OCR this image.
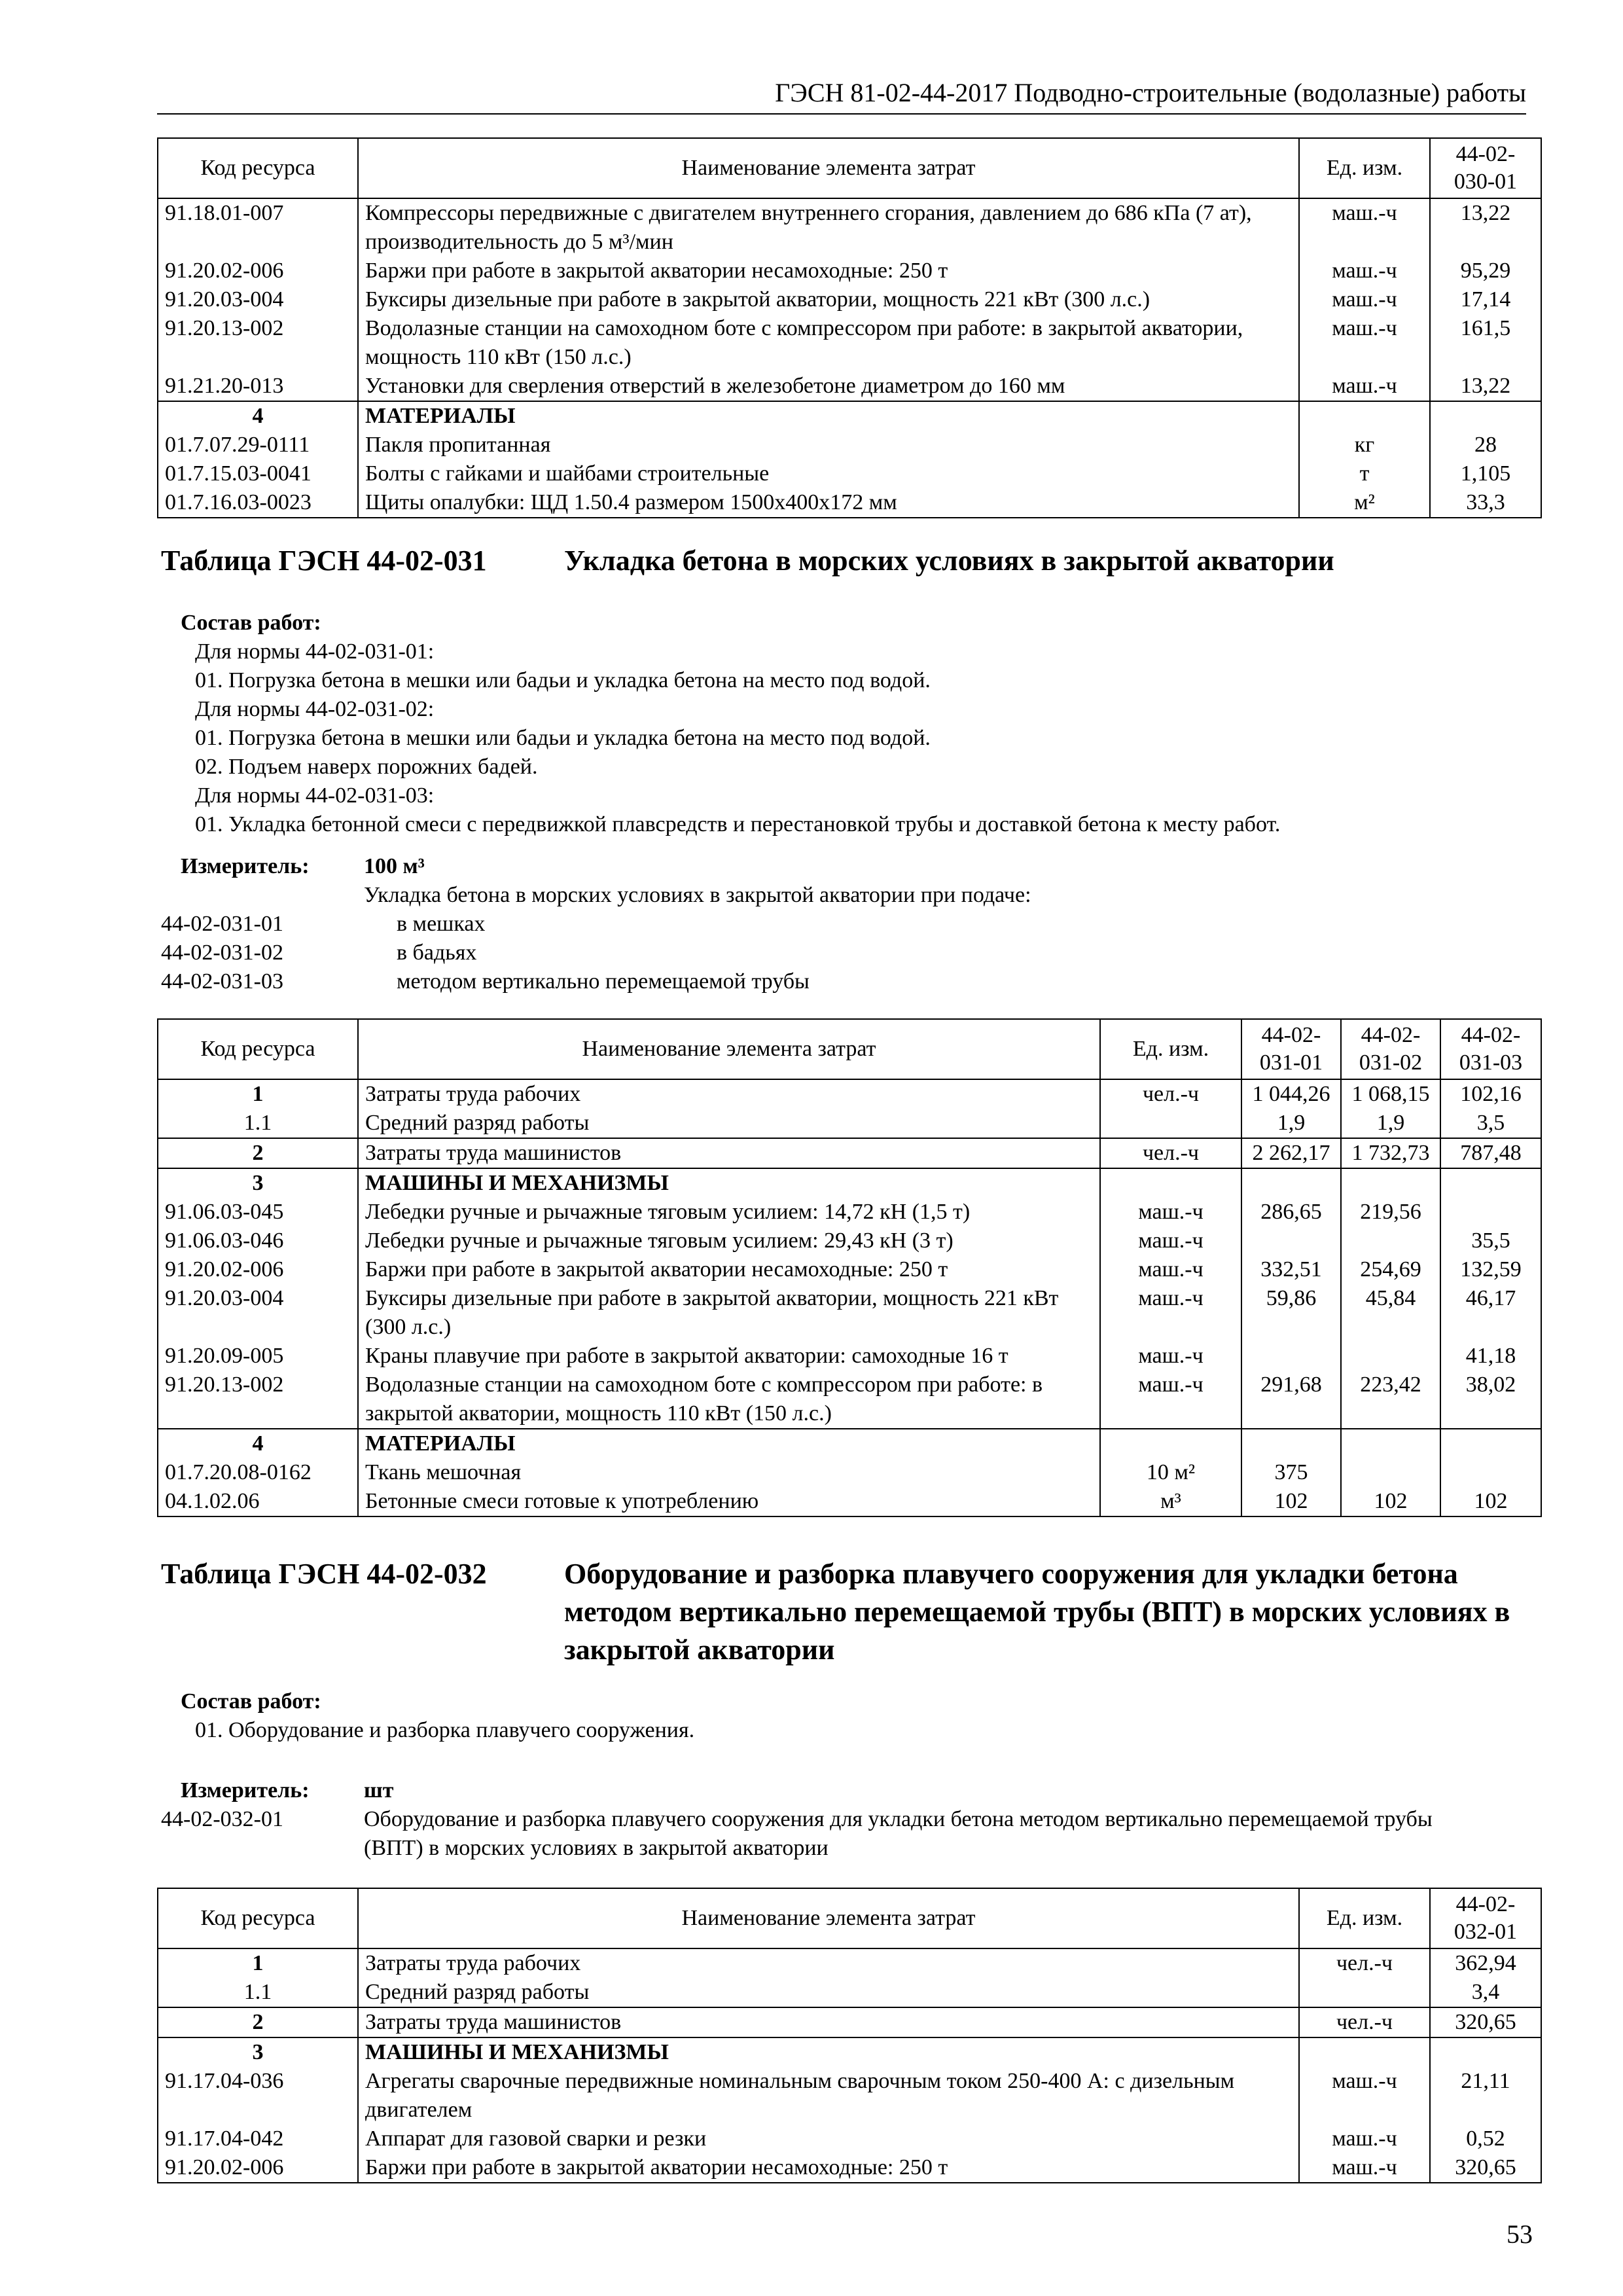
ГЭСН 81-02-44-2017 Подводно-строительные (водолазные) работы
Код ресурса	Наименование элемента затрат	Ед. изм.	44-02-030-01
91.18.01-007	Компрессоры передвижные с двигателем внутреннего сгорания, давлением до 686 кПа (7 ат), производительность до 5 м³/мин	маш.-ч	13,22
91.20.02-006	Баржи при работе в закрытой акватории несамоходные: 250 т	маш.-ч	95,29
91.20.03-004	Буксиры дизельные при работе в закрытой акватории, мощность 221 кВт (300 л.с.)	маш.-ч	17,14
91.20.13-002	Водолазные станции на самоходном боте с компрессором при работе: в закрытой акватории, мощность 110 кВт (150 л.с.)	маш.-ч	161,5
91.21.20-013	Установки для сверления отверстий в железобетоне диаметром до 160 мм	маш.-ч	13,22
4	МАТЕРИАЛЫ		
01.7.07.29-0111	Пакля пропитанная	кг	28
01.7.15.03-0041	Болты с гайками и шайбами строительные	т	1,105
01.7.16.03-0023	Щиты опалубки: ЩД 1.50.4 размером 1500х400х172 мм	м²	33,3
Таблица ГЭСН 44-02-031	Укладка бетона в морских условиях в закрытой акватории
Состав работ:
Для нормы 44-02-031-01:
01. Погрузка бетона в мешки или бадьи и укладка бетона на место под водой.
Для нормы 44-02-031-02:
01. Погрузка бетона в мешки или бадьи и укладка бетона на место под водой.
02. Подъем наверх порожних бадей.
Для нормы 44-02-031-03:
01. Укладка бетонной смеси с передвижкой плавсредств и перестановкой трубы и доставкой бетона к месту работ.
Измеритель: 100 м³
Укладка бетона в морских условиях в закрытой акватории при подаче:
44-02-031-01	в мешках
44-02-031-02	в бадьях
44-02-031-03	методом вертикально перемещаемой трубы
Код ресурса	Наименование элемента затрат	Ед. изм.	44-02-031-01	44-02-031-02	44-02-031-03
1	Затраты труда рабочих	чел.-ч	1 044,26	1 068,15	102,16
1.1	Средний разряд работы		1,9	1,9	3,5
2	Затраты труда машинистов	чел.-ч	2 262,17	1 732,73	787,48
3	МАШИНЫ И МЕХАНИЗМЫ				
91.06.03-045	Лебедки ручные и рычажные тяговым усилием: 14,72 кН (1,5 т)	маш.-ч	286,65	219,56	
91.06.03-046	Лебедки ручные и рычажные тяговым усилием: 29,43 кН (3 т)	маш.-ч			35,5
91.20.02-006	Баржи при работе в закрытой акватории несамоходные: 250 т	маш.-ч	332,51	254,69	132,59
91.20.03-004	Буксиры дизельные при работе в закрытой акватории, мощность 221 кВт (300 л.с.)	маш.-ч	59,86	45,84	46,17
91.20.09-005	Краны плавучие при работе в закрытой акватории: самоходные 16 т	маш.-ч			41,18
91.20.13-002	Водолазные станции на самоходном боте с компрессором при работе: в закрытой акватории, мощность 110 кВт (150 л.с.)	маш.-ч	291,68	223,42	38,02
4	МАТЕРИАЛЫ				
01.7.20.08-0162	Ткань мешочная	10 м²	375		
04.1.02.06	Бетонные смеси готовые к употреблению	м³	102	102	102
Таблица ГЭСН 44-02-032	Оборудование и разборка плавучего сооружения для укладки бетона методом вертикально перемещаемой трубы (ВПТ) в морских условиях в закрытой акватории
Состав работ:
01. Оборудование и разборка плавучего сооружения.
Измеритель: шт
44-02-032-01	Оборудование и разборка плавучего сооружения для укладки бетона методом вертикально перемещаемой трубы (ВПТ) в морских условиях в закрытой акватории
Код ресурса	Наименование элемента затрат	Ед. изм.	44-02-032-01
1	Затраты труда рабочих	чел.-ч	362,94
1.1	Средний разряд работы		3,4
2	Затраты труда машинистов	чел.-ч	320,65
3	МАШИНЫ И МЕХАНИЗМЫ		
91.17.04-036	Агрегаты сварочные передвижные номинальным сварочным током 250-400 А: с дизельным двигателем	маш.-ч	21,11
91.17.04-042	Аппарат для газовой сварки и резки	маш.-ч	0,52
91.20.02-006	Баржи при работе в закрытой акватории несамоходные: 250 т	маш.-ч	320,65
53
